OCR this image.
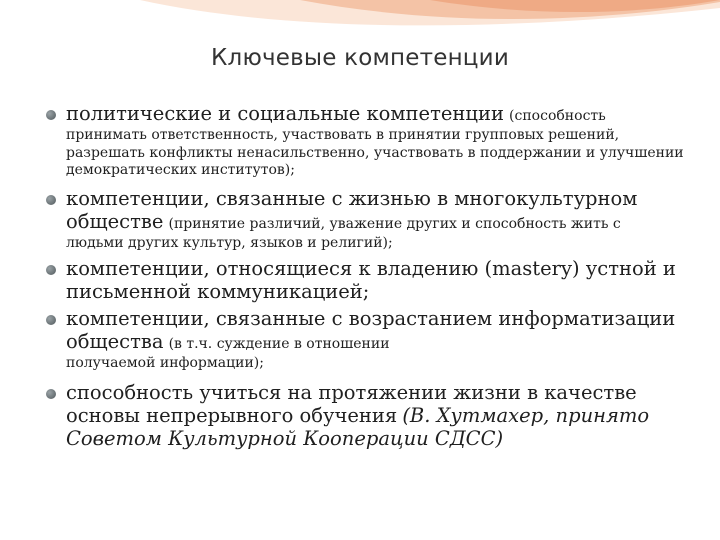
Ключевые компетенции
политические и социальные компетенции (способность
принимать ответственность, участвовать в принятии групповых решений, разрешать конфликты ненасильственно, участвовать в поддержании и улучшении демократических институтов);
компетенции, связанные с жизнью в многокультурном обществе (принятие различий, уважение других и способность жить с
людьми других культур, языков и религий);
компетенции, относящиеся к владению (mastery) устной и письменной коммуникацией;
компетенции, связанные с возрастанием информатизации общества (в т.ч. суждение в отношении
получаемой информации);
способность учиться на протяжении жизни в качестве основы непрерывного обучения (В. Хутмахер, принято Советом Культурной Кооперации СДСС)
